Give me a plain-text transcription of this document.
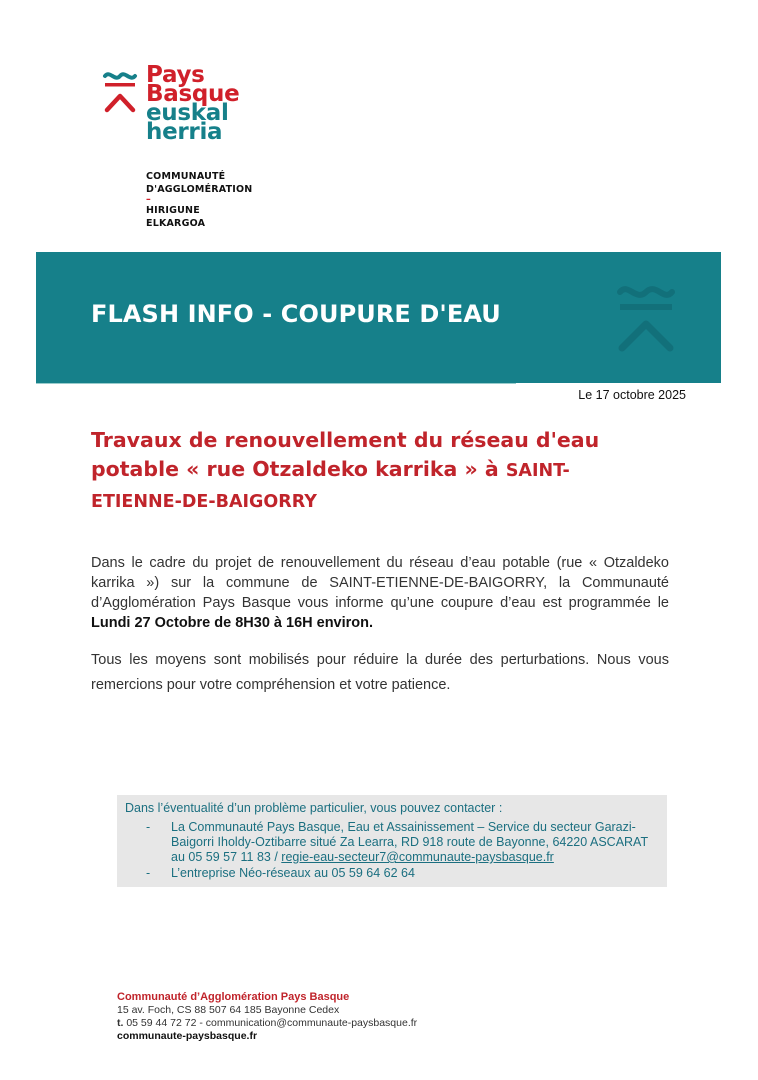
Pays
Basque
euskal
herria
COMMUNAUTÉ
D'AGGLOMÉRATION
–
HIRIGUNE
ELKARGOA
FLASH INFO - COUPURE D'EAU
Le 17 octobre 2025
Travaux de renouvellement du réseau d'eau potable « rue Otzaldeko karrika » à SAINT-ETIENNE-DE-BAIGORRY
Dans le cadre du projet de renouvellement du réseau d’eau potable (rue « Otzaldeko karrika ») sur la commune de SAINT-ETIENNE-DE-BAIGORRY, la Communauté d’Agglomération Pays Basque vous informe qu’une coupure d’eau est programmée le Lundi 27 Octobre de 8H30 à 16H environ.
Tous les moyens sont mobilisés pour réduire la durée des perturbations. Nous vous remercions pour votre compréhension et votre patience.
Dans l’éventualité d’un problème particulier, vous pouvez contacter :
- La Communauté Pays Basque, Eau et Assainissement – Service du secteur Garazi-
Baigorri Iholdy-Oztibarre situé Za Learra, RD 918 route de Bayonne, 64220 ASCARAT
au 05 59 57 11 83 / regie-eau-secteur7@communaute-paysbasque.fr
- L’entreprise Néo-réseaux au 05 59 64 62 64
Communauté d’Agglomération Pays Basque
15 av. Foch, CS 88 507 64 185 Bayonne Cedex
t. 05 59 44 72 72 - communication@communaute-paysbasque.fr
communaute-paysbasque.fr
